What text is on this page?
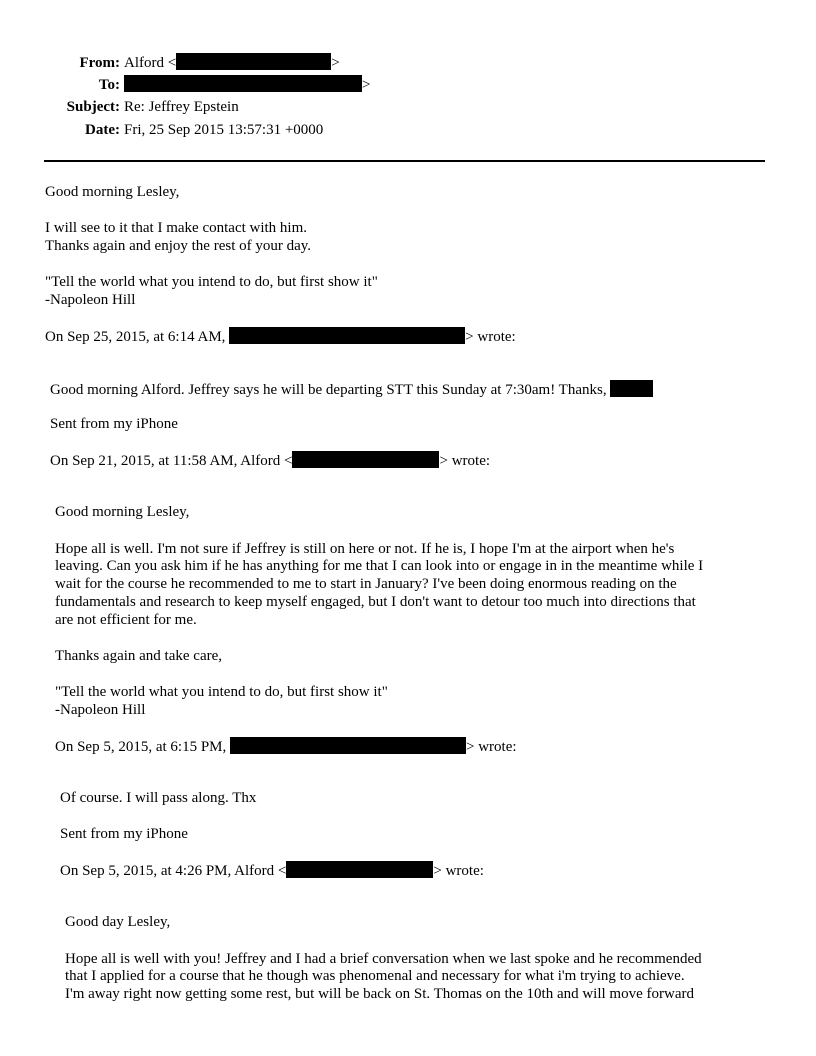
From: Alford <	>
To:	>
Subject: Re: Jeffrey Epstein
Date: Fri, 25 Sep 2015 13:57:31 +0000
Good morning Lesley,
I will see to it that I make contact with him.
Thanks again and enjoy the rest of your day.
"Tell the world what you intend to do, but first show it"
-Napoleon Hill
On Sep 25, 2015, at 6:14 AM,	> wrote:
Good morning Alford. Jeffrey says he will be departing STT this Sunday at 7:30am! Thanks,
Sent from my iPhone
On Sep 21, 2015, at 11:58 AM, Alford <	> wrote:
Good morning Lesley,
Hope all is well. I'm not sure if Jeffrey is still on here or not. If he is, I hope I'm at the airport when he's
leaving. Can you ask him if he has anything for me that I can look into or engage in in the meantime while I
wait for the course he recommended to me to start in January? I've been doing enormous reading on the
fundamentals and research to keep myself engaged, but I don't want to detour too much into directions that
are not efficient for me.
Thanks again and take care,
"Tell the world what you intend to do, but first show it"
-Napoleon Hill
On Sep 5, 2015, at 6:15 PM,	> wrote:
Of course. I will pass along. Thx
Sent from my iPhone
On Sep 5, 2015, at 4:26 PM, Alford <	> wrote:
Good day Lesley,
Hope all is well with you! Jeffrey and I had a brief conversation when we last spoke and he recommended
that I applied for a course that he though was phenomenal and necessary for what i'm trying to achieve.
I'm away right now getting some rest, but will be back on St. Thomas on the 10th and will move forward
